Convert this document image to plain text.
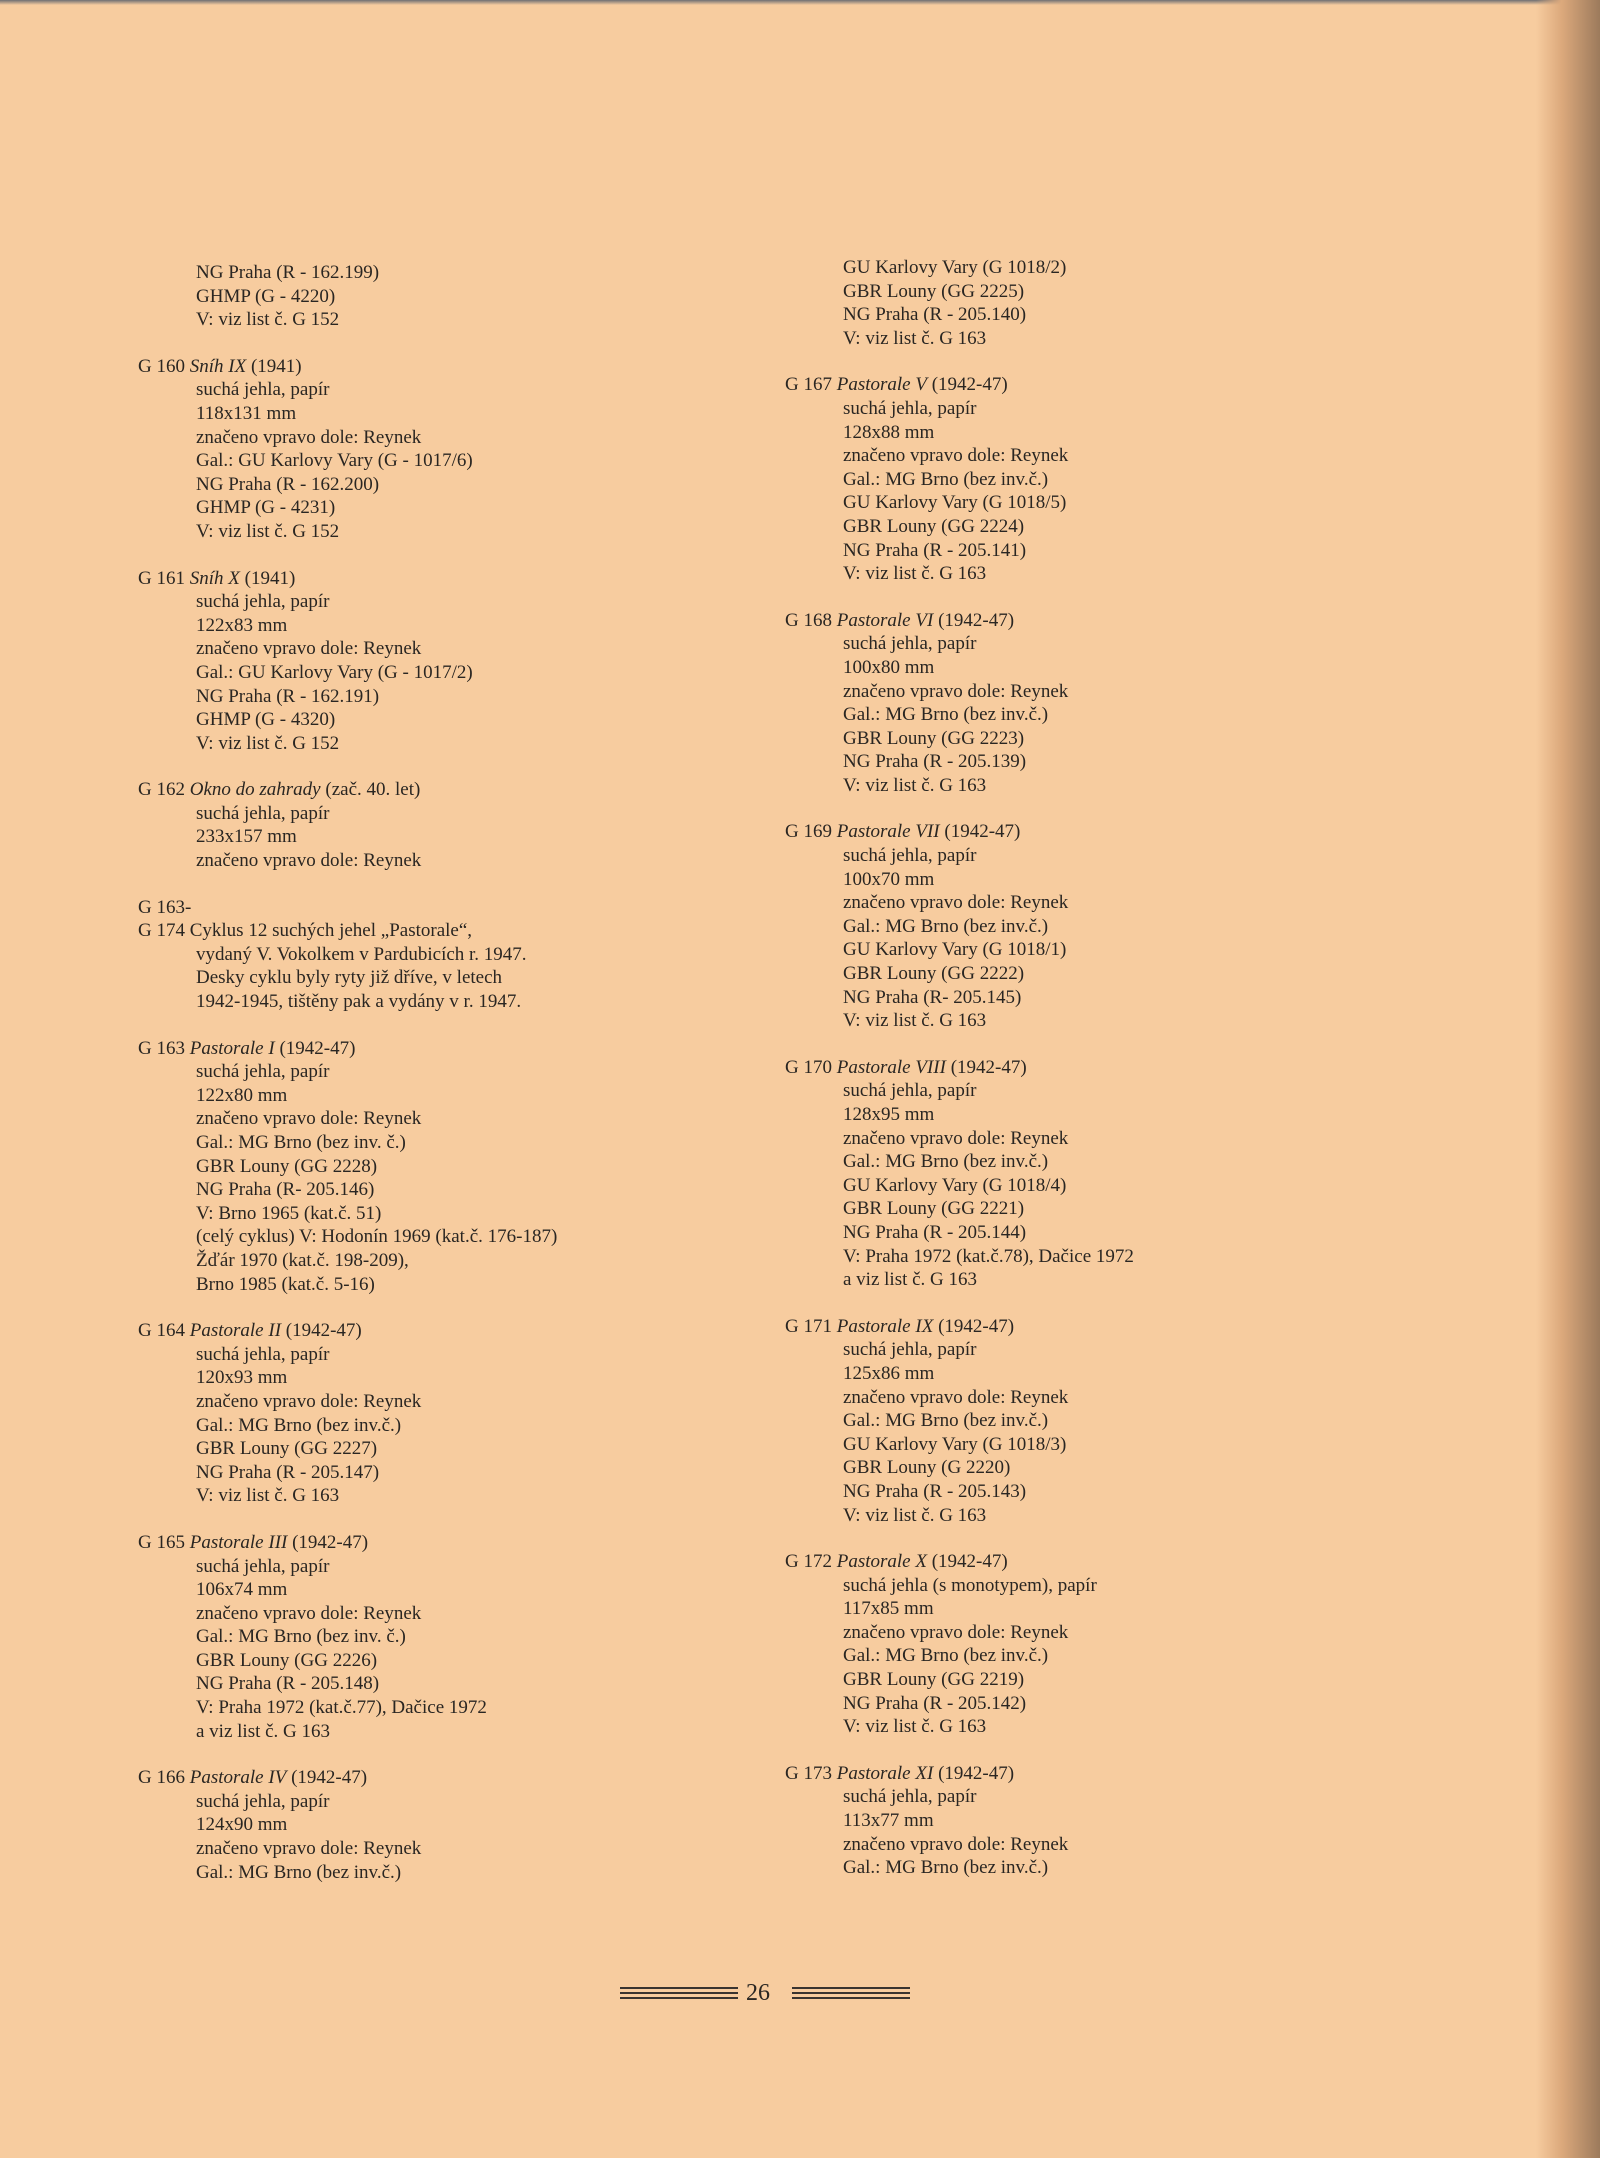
NG Praha (R - 162.199)
GHMP (G - 4220)
V: viz list č. G 152
G 160 Sníh IX (1941)
suchá jehla, papír
118x131 mm
značeno vpravo dole: Reynek
Gal.: GU Karlovy Vary (G - 1017/6)
NG Praha (R - 162.200)
GHMP (G - 4231)
V: viz list č. G 152
G 161 Sníh X (1941)
suchá jehla, papír
122x83 mm
značeno vpravo dole: Reynek
Gal.: GU Karlovy Vary (G - 1017/2)
NG Praha (R - 162.191)
GHMP (G - 4320)
V: viz list č. G 152
G 162 Okno do zahrady (zač. 40. let)
suchá jehla, papír
233x157 mm
značeno vpravo dole: Reynek
G 163-
G 174 Cyklus 12 suchých jehel „Pastorale“,
vydaný V. Vokolkem v Pardubicích r. 1947.
Desky cyklu byly ryty již dříve, v letech
1942-1945, tištěny pak a vydány v r. 1947.
G 163 Pastorale I (1942-47)
suchá jehla, papír
122x80 mm
značeno vpravo dole: Reynek
Gal.: MG Brno (bez inv. č.)
GBR Louny (GG 2228)
NG Praha (R- 205.146)
V: Brno 1965 (kat.č. 51)
(celý cyklus) V: Hodonín 1969 (kat.č. 176-187)
Žďár 1970 (kat.č. 198-209),
Brno 1985 (kat.č. 5-16)
G 164 Pastorale II (1942-47)
suchá jehla, papír
120x93 mm
značeno vpravo dole: Reynek
Gal.: MG Brno (bez inv.č.)
GBR Louny (GG 2227)
NG Praha (R - 205.147)
V: viz list č. G 163
G 165 Pastorale III (1942-47)
suchá jehla, papír
106x74 mm
značeno vpravo dole: Reynek
Gal.: MG Brno (bez inv. č.)
GBR Louny (GG 2226)
NG Praha (R - 205.148)
V: Praha 1972 (kat.č.77), Dačice 1972
a viz list č. G 163
G 166 Pastorale IV (1942-47)
suchá jehla, papír
124x90 mm
značeno vpravo dole: Reynek
Gal.: MG Brno (bez inv.č.)
GU Karlovy Vary (G 1018/2)
GBR Louny (GG 2225)
NG Praha (R - 205.140)
V: viz list č. G 163
G 167 Pastorale V (1942-47)
suchá jehla, papír
128x88 mm
značeno vpravo dole: Reynek
Gal.: MG Brno (bez inv.č.)
GU Karlovy Vary (G 1018/5)
GBR Louny (GG 2224)
NG Praha (R - 205.141)
V: viz list č. G 163
G 168 Pastorale VI (1942-47)
suchá jehla, papír
100x80 mm
značeno vpravo dole: Reynek
Gal.: MG Brno (bez inv.č.)
GBR Louny (GG 2223)
NG Praha (R - 205.139)
V: viz list č. G 163
G 169 Pastorale VII (1942-47)
suchá jehla, papír
100x70 mm
značeno vpravo dole: Reynek
Gal.: MG Brno (bez inv.č.)
GU Karlovy Vary (G 1018/1)
GBR Louny (GG 2222)
NG Praha (R- 205.145)
V: viz list č. G 163
G 170 Pastorale VIII (1942-47)
suchá jehla, papír
128x95 mm
značeno vpravo dole: Reynek
Gal.: MG Brno (bez inv.č.)
GU Karlovy Vary (G 1018/4)
GBR Louny (GG 2221)
NG Praha (R - 205.144)
V: Praha 1972 (kat.č.78), Dačice 1972
a viz list č. G 163
G 171 Pastorale IX (1942-47)
suchá jehla, papír
125x86 mm
značeno vpravo dole: Reynek
Gal.: MG Brno (bez inv.č.)
GU Karlovy Vary (G 1018/3)
GBR Louny (G 2220)
NG Praha (R - 205.143)
V: viz list č. G 163
G 172 Pastorale X (1942-47)
suchá jehla (s monotypem), papír
117x85 mm
značeno vpravo dole: Reynek
Gal.: MG Brno (bez inv.č.)
GBR Louny (GG 2219)
NG Praha (R - 205.142)
V: viz list č. G 163
G 173 Pastorale XI (1942-47)
suchá jehla, papír
113x77 mm
značeno vpravo dole: Reynek
Gal.: MG Brno (bez inv.č.)
26
